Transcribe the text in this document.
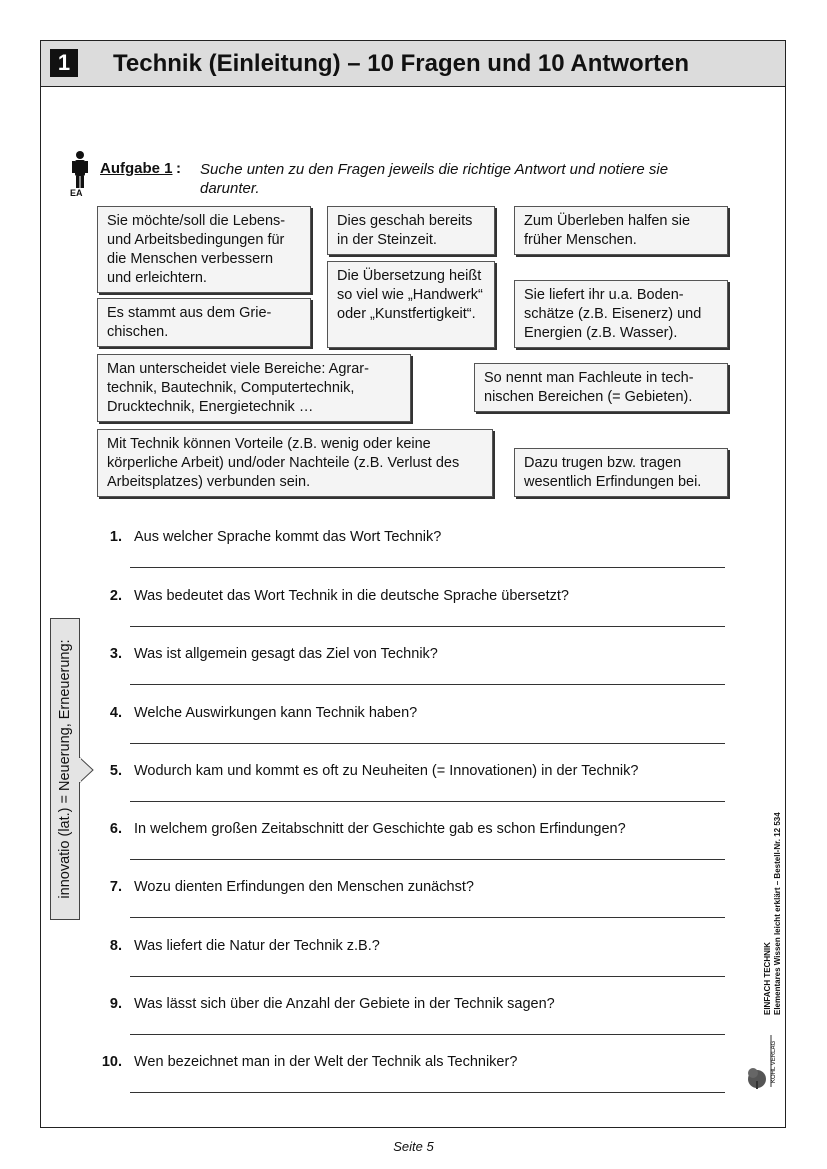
1	Technik (Einleitung) – 10 Fragen und 10 Antworten
EA
Aufgabe 1 : Suche unten zu den Fragen jeweils die richtige Antwort und notiere sie darunter.
Sie möchte/soll die Lebens- und Arbeitsbedingungen für die Menschen verbessern und erleichtern.
Dies geschah bereits in der Steinzeit.
Zum Überleben halfen sie früher Menschen.
Die Übersetzung heißt so viel wie „Handwerk“ oder „Kunstfertigkeit“.
Es stammt aus dem Grie-chischen.
Sie liefert ihr u.a. Boden-schätze (z.B. Eisenerz) und Energien (z.B. Wasser).
Man unterscheidet viele Bereiche: Agrar-technik, Bautechnik, Computertechnik, Drucktechnik, Energietechnik …
So nennt man Fachleute in tech-nischen Bereichen (= Gebieten).
Mit Technik können Vorteile (z.B. wenig oder keine körperliche Arbeit) und/oder Nachteile (z.B. Verlust des Arbeitsplatzes) verbunden sein.
Dazu trugen bzw. tragen wesentlich Erfindungen bei.
1. Aus welcher Sprache kommt das Wort Technik?
2. Was bedeutet das Wort Technik in die deutsche Sprache übersetzt?
3. Was ist allgemein gesagt das Ziel von Technik?
4. Welche Auswirkungen kann Technik haben?
5. Wodurch kam und kommt es oft zu Neuheiten (= Innovationen) in der Technik?
6. In welchem großen Zeitabschnitt der Geschichte gab es schon Erfindungen?
7. Wozu dienten Erfindungen den Menschen zunächst?
8. Was liefert die Natur der Technik z.B.?
9. Was lässt sich über die Anzahl der Gebiete in der Technik sagen?
10. Wen bezeichnet man in der Welt der Technik als Techniker?
innovatio (lat.) = Neuerung, Erneuerung:
EINFACH TECHNIK Elementares Wissen leicht erklärt – Bestell-Nr. 12 534
KOHL VERLAG
Seite 5
